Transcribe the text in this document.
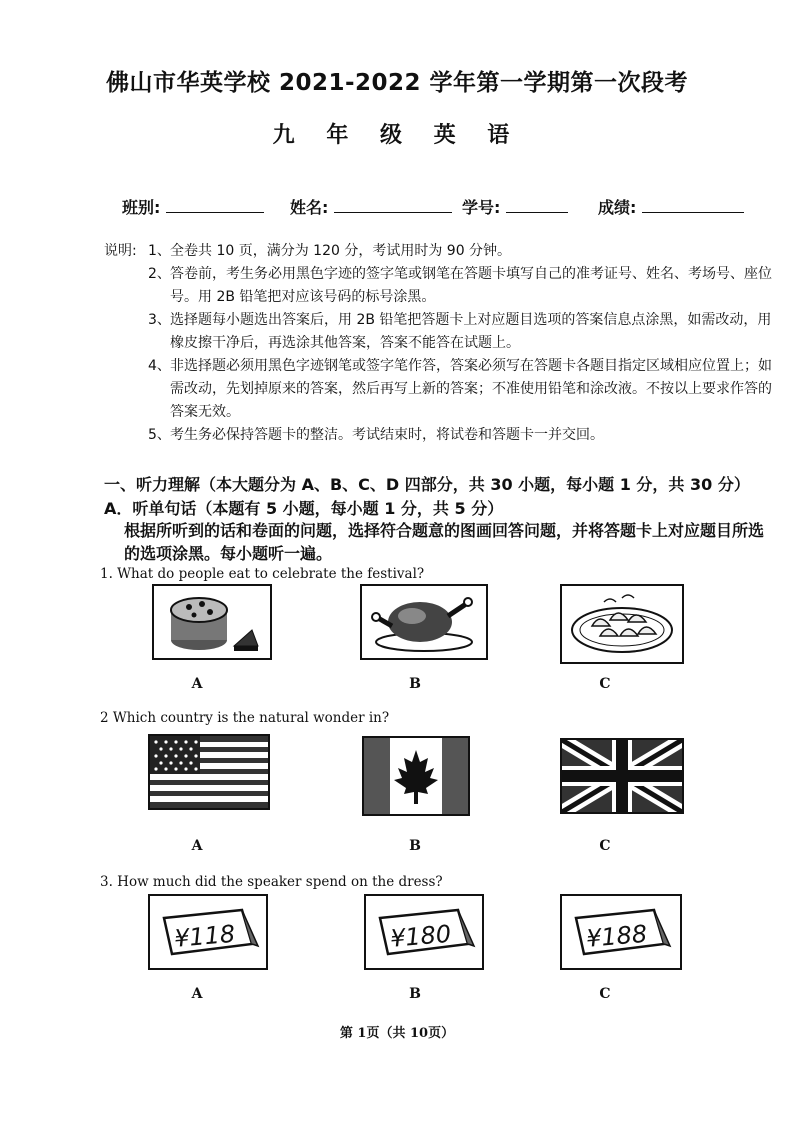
佛山市华英学校 2021-2022 学年第一学期第一次段考
九 年 级 英 语
班别:	姓名:	学号:	成绩:
说明: 1、 全卷共 10 页，满分为 120 分，考试用时为 90 分钟。
2、 答卷前，考生务必用黑色字迹的签字笔或钢笔在答题卡填写自己的准考证号、姓名、考场号、座位号。用 2B 铅笔把对应该号码的标号涂黑。
3、 选择题每小题选出答案后，用 2B 铅笔把答题卡上对应题目选项的答案信息点涂黑，如需改动，用橡皮擦干净后，再选涂其他答案，答案不能答在试题上。
4、 非选择题必须用黑色字迹钢笔或签字笔作答，答案必须写在答题卡各题目指定区域相应位置上；如需改动，先划掉原来的答案，然后再写上新的答案；不准使用铅笔和涂改液。不按以上要求作答的答案无效。
5、 考生务必保持答题卡的整洁。考试结束时，将试卷和答题卡一并交回。
一、听力理解（本大题分为 A、B、C、D 四部分，共 30 小题，每小题 1 分，共 30 分）
A．听单句话（本题有 5 小题，每小题 1 分，共 5 分）
根据所听到的话和卷面的问题，选择符合题意的图画回答问题，并将答题卡上对应题目所选的选项涂黑。每小题听一遍。
1. What do people eat to celebrate the festival?
A	B	C
2 Which country is the natural wonder in?
A	B	C
3. How much did the speaker spend on the dress?
¥118	¥180	¥188
A	B	C
第 1页（共 10页）
